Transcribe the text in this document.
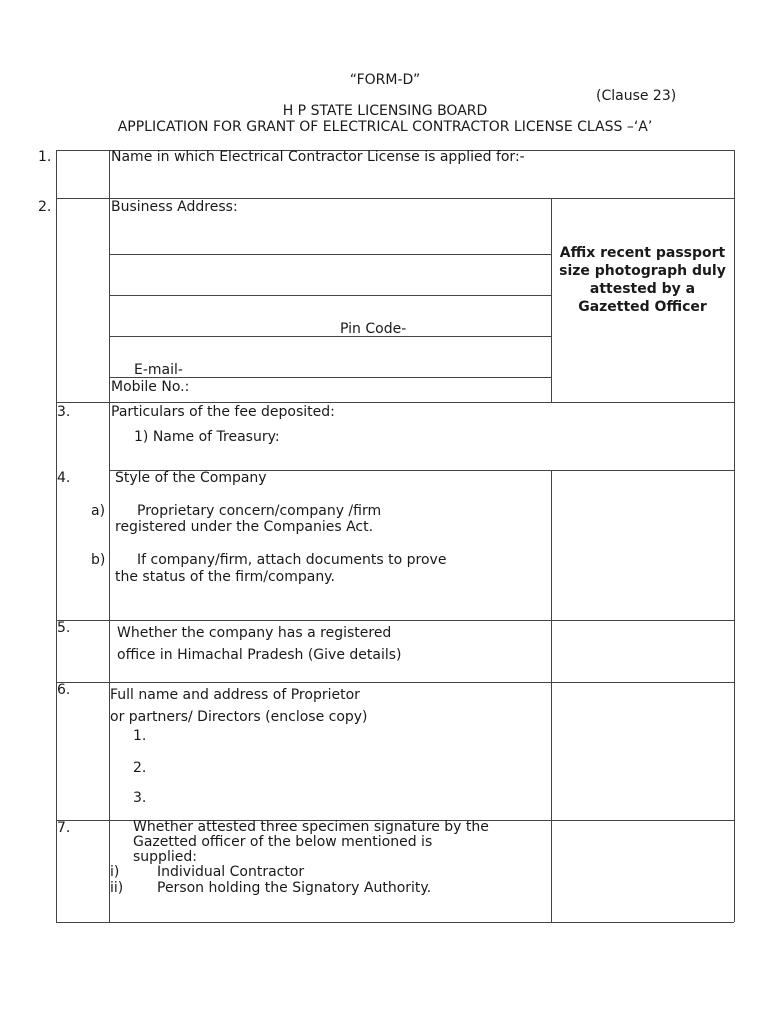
“FORM-D”
(Clause 23)
H P STATE LICENSING BOARD
APPLICATION FOR GRANT OF ELECTRICAL CONTRACTOR LICENSE CLASS –‘A’
1.	Name in which Electrical Contractor License is applied for:-
2.	Business Address:
Pin Code-
E-mail-
Mobile No.:
Affix recent passport size photograph duly attested by a Gazetted Officer
3.	Particulars of the fee deposited:
1) Name of Treasury:
4.	Style of the Company
a) Proprietary concern/company /firm
registered under the Companies Act.
b) If company/firm, attach documents to prove
the status of the firm/company.
5.	Whether the company has a registered
office in Himachal Pradesh (Give details)
6.	Full name and address of Proprietor
or partners/ Directors (enclose copy)
1.
2.
3.
7.	Whether attested three specimen signature by the
Gazetted officer of the below mentioned is
supplied:
i)	Individual Contractor
ii) Person holding the Signatory Authority.
